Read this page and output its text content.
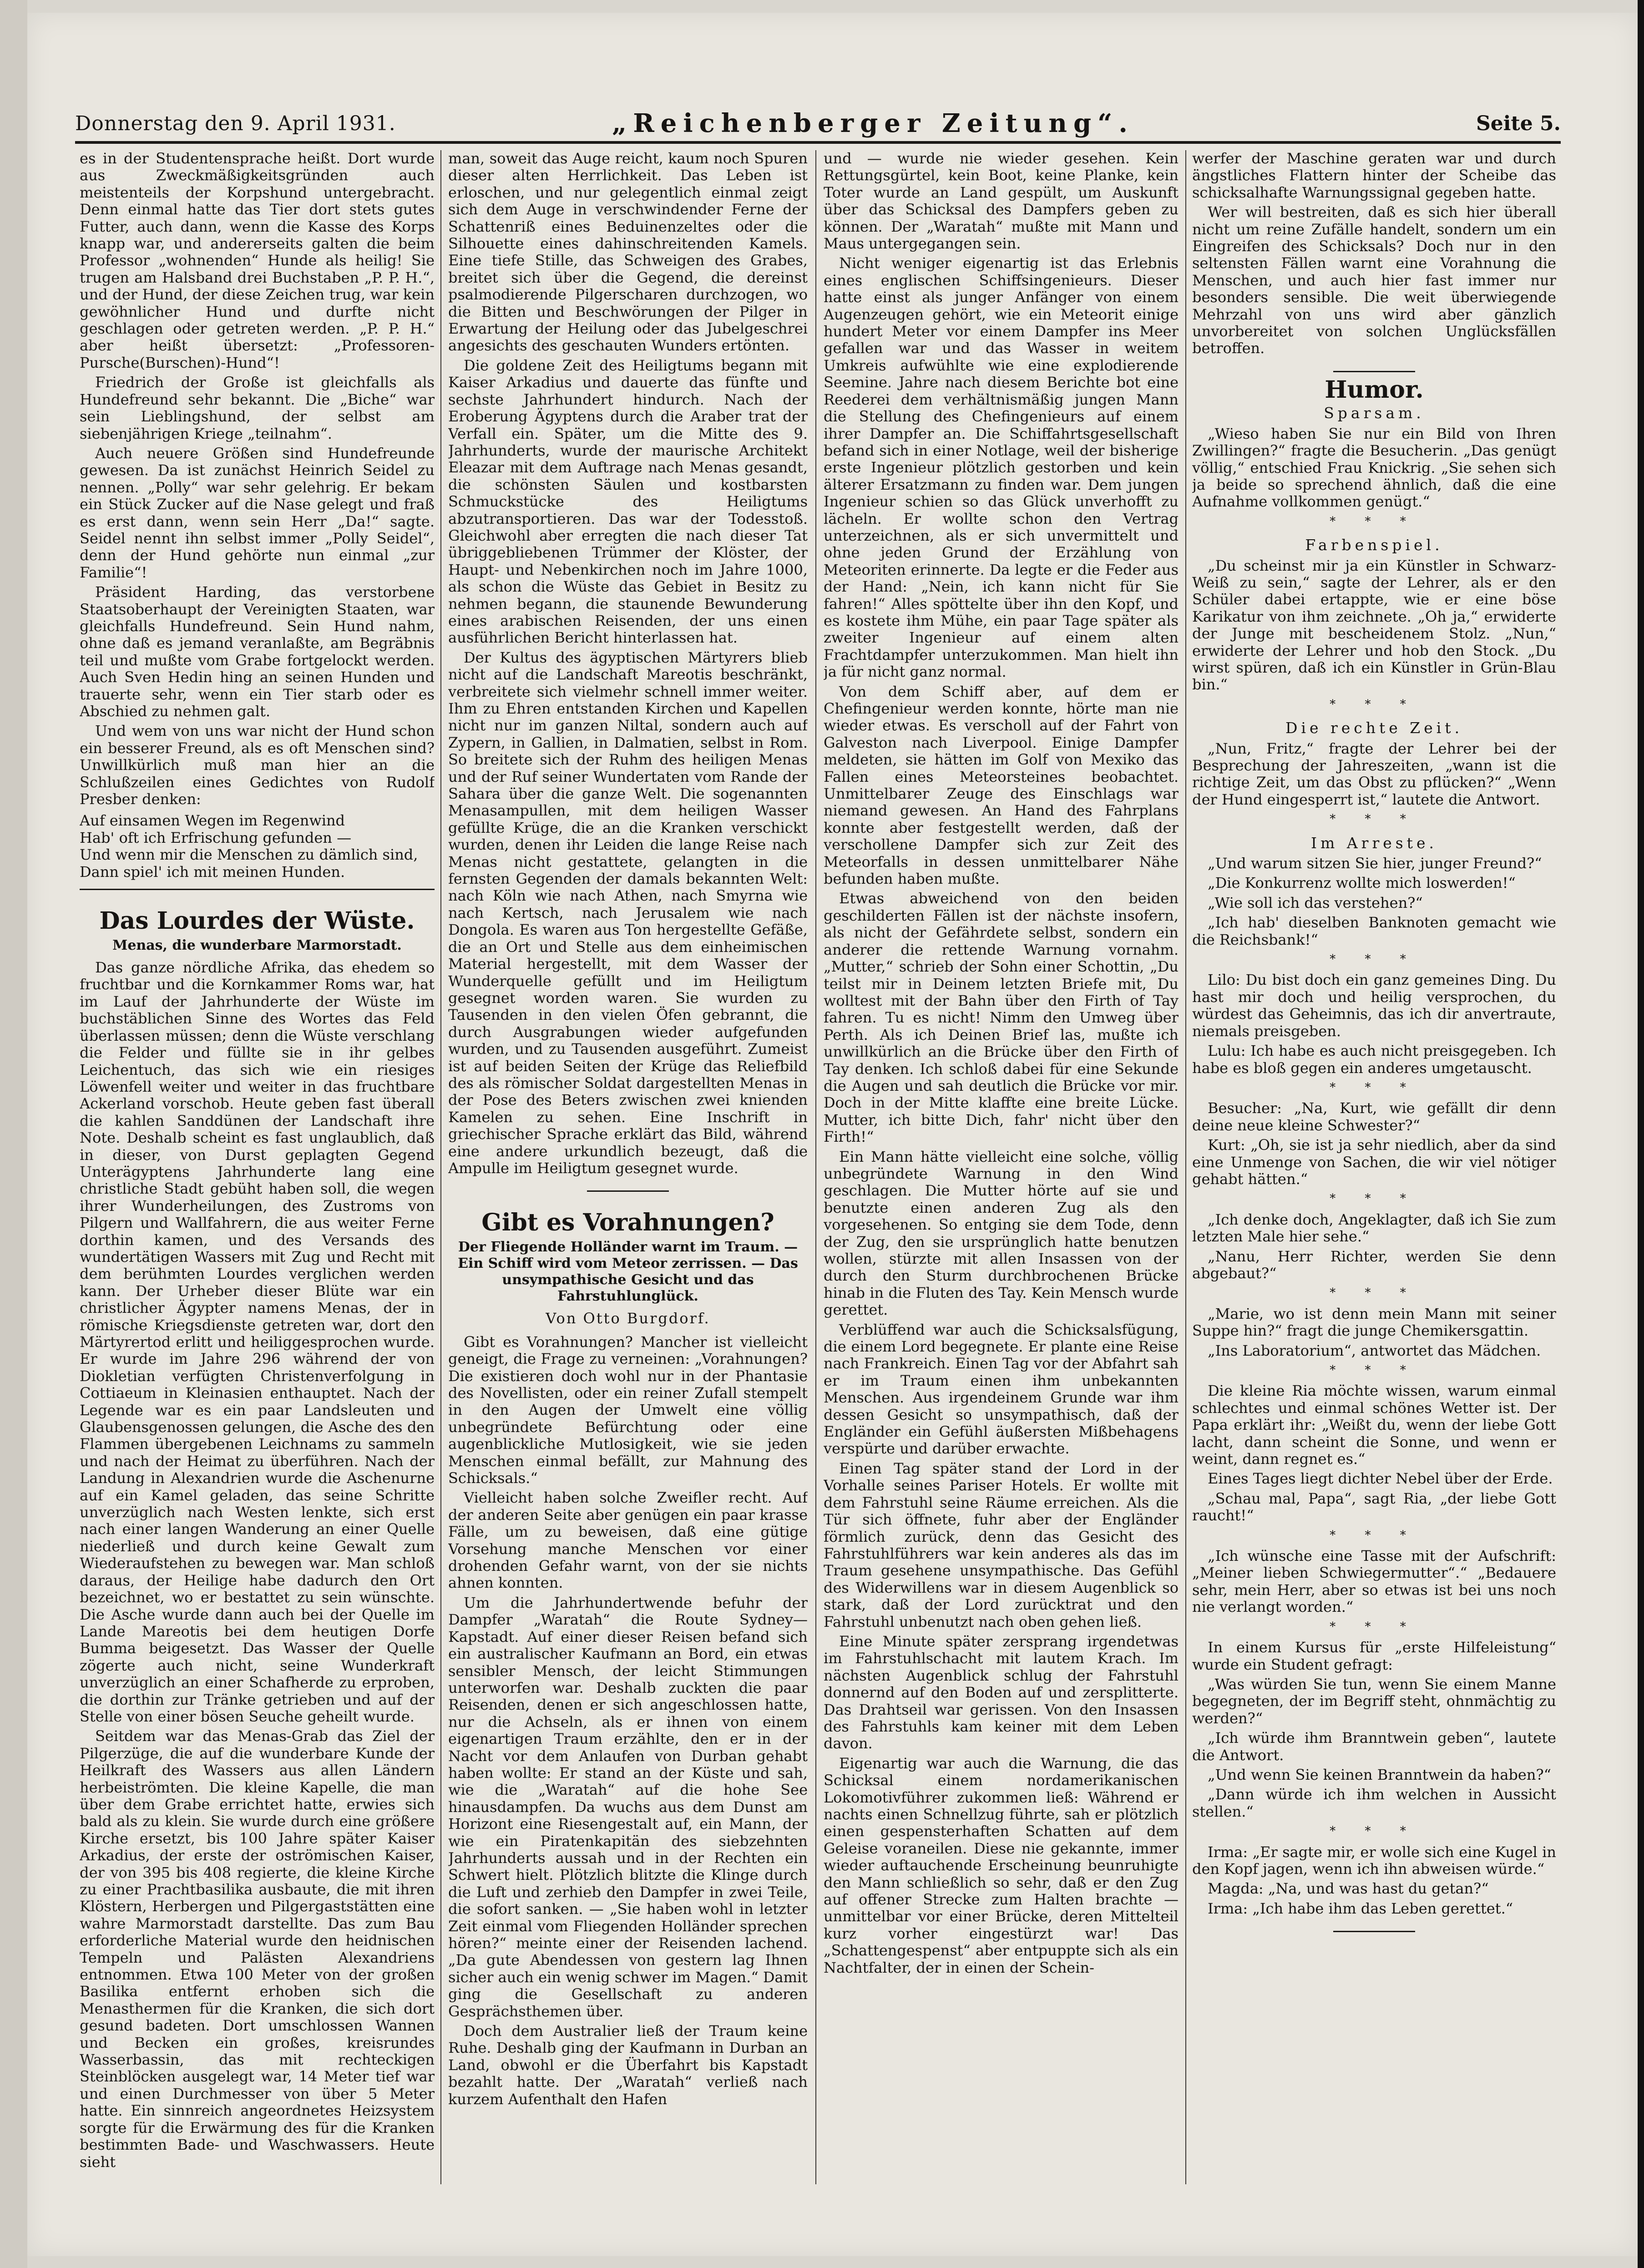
Donnerstag den 9. April 1931.	„Reichenberger Zeitung“.	Seite 5.

es in der Studentensprache heißt. Dort wurde aus Zweckmäßigkeitsgründen auch meistenteils der Korpshund untergebracht. Denn einmal hatte das Tier dort stets gutes Futter, auch dann, wenn die Kasse des Korps knapp war, und andererseits galten die beim Professor „wohnenden“ Hunde als heilig! Sie trugen am Halsband drei Buchstaben „P. P. H.“, und der Hund, der diese Zeichen trug, war kein gewöhnlicher Hund und durfte nicht geschlagen oder getreten werden. „P. P. H.“ aber heißt übersetzt: „Professoren-Pursche(Burschen)-Hund“!

Friedrich der Große ist gleichfalls als Hundefreund sehr bekannt. Die „Biche“ war sein Lieblingshund, der selbst am siebenjährigen Kriege „teilnahm“.

Auch neuere Größen sind Hundefreunde gewesen. Da ist zunächst Heinrich Seidel zu nennen. „Polly“ war sehr gelehrig. Er bekam ein Stück Zucker auf die Nase gelegt und fraß es erst dann, wenn sein Herr „Da!“ sagte. Seidel nennt ihn selbst immer „Polly Seidel“, denn der Hund gehörte nun einmal „zur Familie“!

Präsident Harding, das verstorbene Staatsoberhaupt der Vereinigten Staaten, war gleichfalls Hundefreund. Sein Hund nahm, ohne daß es jemand veranlaßte, am Begräbnis teil und mußte vom Grabe fortgelockt werden. Auch Sven Hedin hing an seinen Hunden und trauerte sehr, wenn ein Tier starb oder es Abschied zu nehmen galt.

Und wem von uns war nicht der Hund schon ein besserer Freund, als es oft Menschen sind? Unwillkürlich muß man hier an die Schlußzeilen eines Gedichtes von Rudolf Presber denken:

Auf einsamen Wegen im Regenwind
Hab' oft ich Erfrischung gefunden —
Und wenn mir die Menschen zu dämlich sind,
Dann spiel' ich mit meinen Hunden.
Das Lourdes der Wüste.
Menas, die wunderbare Marmorstadt.

Das ganze nördliche Afrika, das ehedem so fruchtbar und die Kornkammer Roms war, hat im Lauf der Jahrhunderte der Wüste im buchstäblichen Sinne des Wortes das Feld überlassen müssen; denn die Wüste verschlang die Felder und füllte sie in ihr gelbes Leichentuch, das sich wie ein riesiges Löwenfell weiter und weiter in das fruchtbare Ackerland vorschob. Heute geben fast überall die kahlen Sanddünen der Landschaft ihre Note. Deshalb scheint es fast unglaublich, daß in dieser, von Durst geplagten Gegend Unterägyptens Jahrhunderte lang eine christliche Stadt gebüht haben soll, die wegen ihrer Wunderheilungen, des Zustroms von Pilgern und Wallfahrern, die aus weiter Ferne dorthin kamen, und des Versands des wundertätigen Wassers mit Zug und Recht mit dem berühmten Lourdes verglichen werden kann. Der Urheber dieser Blüte war ein christlicher Ägypter namens Menas, der in römische Kriegsdienste getreten war, dort den Märtyrertod erlitt und heiliggesprochen wurde. Er wurde im Jahre 296 während der von Diokletian verfügten Christenverfolgung in Cottiaeum in Kleinasien enthauptet. Nach der Legende war es ein paar Landsleuten und Glaubensgenossen gelungen, die Asche des den Flammen übergebenen Leichnams zu sammeln und nach der Heimat zu überführen. Nach der Landung in Alexandrien wurde die Aschenurne auf ein Kamel geladen, das seine Schritte unverzüglich nach Westen lenkte, sich erst nach einer langen Wanderung an einer Quelle niederließ und durch keine Gewalt zum Wiederaufstehen zu bewegen war. Man schloß daraus, der Heilige habe dadurch den Ort bezeichnet, wo er bestattet zu sein wünschte. Die Asche wurde dann auch bei der Quelle im Lande Mareotis bei dem heutigen Dorfe Bumma beigesetzt. Das Wasser der Quelle zögerte auch nicht, seine Wunderkraft unverzüglich an einer Schafherde zu erproben, die dorthin zur Tränke getrieben und auf der Stelle von einer bösen Seuche geheilt wurde.

Seitdem war das Menas-Grab das Ziel der Pilgerzüge, die auf die wunderbare Kunde der Heilkraft des Wassers aus allen Ländern herbeiströmten. Die kleine Kapelle, die man über dem Grabe errichtet hatte, erwies sich bald als zu klein. Sie wurde durch eine größere Kirche ersetzt, bis 100 Jahre später Kaiser Arkadius, der erste der oströmischen Kaiser, der von 395 bis 408 regierte, die kleine Kirche zu einer Prachtbasilika ausbaute, die mit ihren Klöstern, Herbergen und Pilgergaststätten eine wahre Marmorstadt darstellte. Das zum Bau erforderliche Material wurde den heidnischen Tempeln und Palästen Alexandriens entnommen. Etwa 100 Meter von der großen Basilika entfernt erhoben sich die Menasthermen für die Kranken, die sich dort gesund badeten. Dort umschlossen Wannen und Becken ein großes, kreisrundes Wasserbassin, das mit rechteckigen Steinblöcken ausgelegt war, 14 Meter tief war und einen Durchmesser von über 5 Meter hatte. Ein sinnreich angeordnetes Heizsystem sorgte für die Erwärmung des für die Kranken bestimmten Bade- und Waschwassers. Heute sieht

man, soweit das Auge reicht, kaum noch Spuren dieser alten Herrlichkeit. Das Leben ist erloschen, und nur gelegentlich einmal zeigt sich dem Auge in verschwindender Ferne der Schattenriß eines Beduinenzeltes oder die Silhouette eines dahinschreitenden Kamels. Eine tiefe Stille, das Schweigen des Grabes, breitet sich über die Gegend, die dereinst psalmodierende Pilgerscharen durchzogen, wo die Bitten und Beschwörungen der Pilger in Erwartung der Heilung oder das Jubelgeschrei angesichts des geschauten Wunders ertönten.

Die goldene Zeit des Heiligtums begann mit Kaiser Arkadius und dauerte das fünfte und sechste Jahrhundert hindurch. Nach der Eroberung Ägyptens durch die Araber trat der Verfall ein. Später, um die Mitte des 9. Jahrhunderts, wurde der maurische Architekt Eleazar mit dem Auftrage nach Menas gesandt, die schönsten Säulen und kostbarsten Schmuckstücke des Heiligtums abzutransportieren. Das war der Todesstoß. Gleichwohl aber erregten die nach dieser Tat übriggebliebenen Trümmer der Klöster, der Haupt- und Nebenkirchen noch im Jahre 1000, als schon die Wüste das Gebiet in Besitz zu nehmen begann, die staunende Bewunderung eines arabischen Reisenden, der uns einen ausführlichen Bericht hinterlassen hat.

Der Kultus des ägyptischen Märtyrers blieb nicht auf die Landschaft Mareotis beschränkt, verbreitete sich vielmehr schnell immer weiter. Ihm zu Ehren entstanden Kirchen und Kapellen nicht nur im ganzen Niltal, sondern auch auf Zypern, in Gallien, in Dalmatien, selbst in Rom. So breitete sich der Ruhm des heiligen Menas und der Ruf seiner Wundertaten vom Rande der Sahara über die ganze Welt. Die sogenannten Menasampullen, mit dem heiligen Wasser gefüllte Krüge, die an die Kranken verschickt wurden, denen ihr Leiden die lange Reise nach Menas nicht gestattete, gelangten in die fernsten Gegenden der damals bekannten Welt: nach Köln wie nach Athen, nach Smyrna wie nach Kertsch, nach Jerusalem wie nach Dongola. Es waren aus Ton hergestellte Gefäße, die an Ort und Stelle aus dem einheimischen Material hergestellt, mit dem Wasser der Wunderquelle gefüllt und im Heiligtum gesegnet worden waren. Sie wurden zu Tausenden in den vielen Öfen gebrannt, die durch Ausgrabungen wieder aufgefunden wurden, und zu Tausenden ausgeführt. Zumeist ist auf beiden Seiten der Krüge das Reliefbild des als römischer Soldat dargestellten Menas in der Pose des Beters zwischen zwei knienden Kamelen zu sehen. Eine Inschrift in griechischer Sprache erklärt das Bild, während eine andere urkundlich bezeugt, daß die Ampulle im Heiligtum gesegnet wurde.

Gibt es Vorahnungen?
Der Fliegende Holländer warnt im Traum. — Ein Schiff wird vom Meteor zerrissen. — Das unsympathische Gesicht und das Fahrstuhlunglück.
Von Otto Burgdorf.

Gibt es Vorahnungen? Mancher ist vielleicht geneigt, die Frage zu verneinen: „Vorahnungen? Die existieren doch wohl nur in der Phantasie des Novellisten, oder ein reiner Zufall stempelt in den Augen der Umwelt eine völlig unbegründete Befürchtung oder eine augenblickliche Mutlosigkeit, wie sie jeden Menschen einmal befällt, zur Mahnung des Schicksals.“

Vielleicht haben solche Zweifler recht. Auf der anderen Seite aber genügen ein paar krasse Fälle, um zu beweisen, daß eine gütige Vorsehung manche Menschen vor einer drohenden Gefahr warnt, von der sie nichts ahnen konnten.

Um die Jahrhundertwende befuhr der Dampfer „Waratah“ die Route Sydney—Kapstadt. Auf einer dieser Reisen befand sich ein australischer Kaufmann an Bord, ein etwas sensibler Mensch, der leicht Stimmungen unterworfen war. Deshalb zuckten die paar Reisenden, denen er sich angeschlossen hatte, nur die Achseln, als er ihnen von einem eigenartigen Traum erzählte, den er in der Nacht vor dem Anlaufen von Durban gehabt haben wollte: Er stand an der Küste und sah, wie die „Waratah“ auf die hohe See hinausdampfen. Da wuchs aus dem Dunst am Horizont eine Riesengestalt auf, ein Mann, der wie ein Piratenkapitän des siebzehnten Jahrhunderts aussah und in der Rechten ein Schwert hielt. Plötzlich blitzte die Klinge durch die Luft und zerhieb den Dampfer in zwei Teile, die sofort sanken. — „Sie haben wohl in letzter Zeit einmal vom Fliegenden Holländer sprechen hören?“ meinte einer der Reisenden lachend. „Da gute Abendessen von gestern lag Ihnen sicher auch ein wenig schwer im Magen.“ Damit ging die Gesellschaft zu anderen Gesprächsthemen über.

Doch dem Australier ließ der Traum keine Ruhe. Deshalb ging der Kaufmann in Durban an Land, obwohl er die Überfahrt bis Kapstadt bezahlt hatte. Der „Waratah“ verließ nach kurzem Aufenthalt den Hafen

und — wurde nie wieder gesehen. Kein Rettungsgürtel, kein Boot, keine Planke, kein Toter wurde an Land gespült, um Auskunft über das Schicksal des Dampfers geben zu können. Der „Waratah“ mußte mit Mann und Maus untergegangen sein.

Nicht weniger eigenartig ist das Erlebnis eines englischen Schiffsingenieurs. Dieser hatte einst als junger Anfänger von einem Augenzeugen gehört, wie ein Meteorit einige hundert Meter vor einem Dampfer ins Meer gefallen war und das Wasser in weitem Umkreis aufwühlte wie eine explodierende Seemine. Jahre nach diesem Berichte bot eine Reederei dem verhältnismäßig jungen Mann die Stellung des Chefingenieurs auf einem ihrer Dampfer an. Die Schiffahrtsgesellschaft befand sich in einer Notlage, weil der bisherige erste Ingenieur plötzlich gestorben und kein älterer Ersatzmann zu finden war. Dem jungen Ingenieur schien so das Glück unverhofft zu lächeln. Er wollte schon den Vertrag unterzeichnen, als er sich unvermittelt und ohne jeden Grund der Erzählung von Meteoriten erinnerte. Da legte er die Feder aus der Hand: „Nein, ich kann nicht für Sie fahren!“ Alles spöttelte über ihn den Kopf, und es kostete ihm Mühe, ein paar Tage später als zweiter Ingenieur auf einem alten Frachtdampfer unterzukommen. Man hielt ihn ja für nicht ganz normal.

Von dem Schiff aber, auf dem er Chefingenieur werden konnte, hörte man nie wieder etwas. Es verscholl auf der Fahrt von Galveston nach Liverpool. Einige Dampfer meldeten, sie hätten im Golf von Mexiko das Fallen eines Meteorsteines beobachtet. Unmittelbarer Zeuge des Einschlags war niemand gewesen. An Hand des Fahrplans konnte aber festgestellt werden, daß der verschollene Dampfer sich zur Zeit des Meteorfalls in dessen unmittelbarer Nähe befunden haben mußte.

Etwas abweichend von den beiden geschilderten Fällen ist der nächste insofern, als nicht der Gefährdete selbst, sondern ein anderer die rettende Warnung vornahm. „Mutter,“ schrieb der Sohn einer Schottin, „Du teilst mir in Deinem letzten Briefe mit, Du wolltest mit der Bahn über den Firth of Tay fahren. Tu es nicht! Nimm den Umweg über Perth. Als ich Deinen Brief las, mußte ich unwillkürlich an die Brücke über den Firth of Tay denken. Ich schloß dabei für eine Sekunde die Augen und sah deutlich die Brücke vor mir. Doch in der Mitte klaffte eine breite Lücke. Mutter, ich bitte Dich, fahr' nicht über den Firth!“

Ein Mann hätte vielleicht eine solche, völlig unbegründete Warnung in den Wind geschlagen. Die Mutter hörte auf sie und benutzte einen anderen Zug als den vorgesehenen. So entging sie dem Tode, denn der Zug, den sie ursprünglich hatte benutzen wollen, stürzte mit allen Insassen von der durch den Sturm durchbrochenen Brücke hinab in die Fluten des Tay. Kein Mensch wurde gerettet.

Verblüffend war auch die Schicksalsfügung, die einem Lord begegnete. Er plante eine Reise nach Frankreich. Einen Tag vor der Abfahrt sah er im Traum einen ihm unbekannten Menschen. Aus irgendeinem Grunde war ihm dessen Gesicht so unsympathisch, daß der Engländer ein Gefühl äußersten Mißbehagens verspürte und darüber erwachte.

Einen Tag später stand der Lord in der Vorhalle seines Pariser Hotels. Er wollte mit dem Fahrstuhl seine Räume erreichen. Als die Tür sich öffnete, fuhr aber der Engländer förmlich zurück, denn das Gesicht des Fahrstuhlführers war kein anderes als das im Traum gesehene unsympathische. Das Gefühl des Widerwillens war in diesem Augenblick so stark, daß der Lord zurücktrat und den Fahrstuhl unbenutzt nach oben gehen ließ.

Eine Minute später zersprang irgendetwas im Fahrstuhlschacht mit lautem Krach. Im nächsten Augenblick schlug der Fahrstuhl donnernd auf den Boden auf und zersplitterte. Das Drahtseil war gerissen. Von den Insassen des Fahrstuhls kam keiner mit dem Leben davon.

Eigenartig war auch die Warnung, die das Schicksal einem nordamerikanischen Lokomotivführer zukommen ließ: Während er nachts einen Schnellzug führte, sah er plötzlich einen gespensterhaften Schatten auf dem Geleise voraneilen. Diese nie gekannte, immer wieder auftauchende Erscheinung beunruhigte den Mann schließlich so sehr, daß er den Zug auf offener Strecke zum Halten brachte — unmittelbar vor einer Brücke, deren Mittelteil kurz vorher eingestürzt war! Das „Schattengespenst“ aber entpuppte sich als ein Nachtfalter, der in einen der Schein-

werfer der Maschine geraten war und durch ängstliches Flattern hinter der Scheibe das schicksalhafte Warnungssignal gegeben hatte.

Wer will bestreiten, daß es sich hier überall nicht um reine Zufälle handelt, sondern um ein Eingreifen des Schicksals? Doch nur in den seltensten Fällen warnt eine Vorahnung die Menschen, und auch hier fast immer nur besonders sensible. Die weit überwiegende Mehrzahl von uns wird aber gänzlich unvorbereitet von solchen Unglücksfällen betroffen.

Humor.
Sparsam.

„Wieso haben Sie nur ein Bild von Ihren Zwillingen?“ fragte die Besucherin. „Das genügt völlig,“ entschied Frau Knickrig. „Sie sehen sich ja beide so sprechend ähnlich, daß die eine Aufnahme vollkommen genügt.“

* * *
Farbenspiel.

„Du scheinst mir ja ein Künstler in Schwarz-Weiß zu sein,“ sagte der Lehrer, als er den Schüler dabei ertappte, wie er eine böse Karikatur von ihm zeichnete. „Oh ja,“ erwiderte der Junge mit bescheidenem Stolz. „Nun,“ erwiderte der Lehrer und hob den Stock. „Du wirst spüren, daß ich ein Künstler in Grün-Blau bin.“

* * *
Die rechte Zeit.

„Nun, Fritz,“ fragte der Lehrer bei der Besprechung der Jahreszeiten, „wann ist die richtige Zeit, um das Obst zu pflücken?“ „Wenn der Hund eingesperrt ist,“ lautete die Antwort.

* * *
Im Arreste.

„Und warum sitzen Sie hier, junger Freund?“

„Die Konkurrenz wollte mich loswerden!“

„Wie soll ich das verstehen?“

„Ich hab' dieselben Banknoten gemacht wie die Reichsbank!“

* * *

Lilo: Du bist doch ein ganz gemeines Ding. Du hast mir doch und heilig versprochen, du würdest das Geheimnis, das ich dir anvertraute, niemals preisgeben.

Lulu: Ich habe es auch nicht preisgegeben. Ich habe es bloß gegen ein anderes umgetauscht.

* * *

Besucher: „Na, Kurt, wie gefällt dir denn deine neue kleine Schwester?“

Kurt: „Oh, sie ist ja sehr niedlich, aber da sind eine Unmenge von Sachen, die wir viel nötiger gehabt hätten.“

* * *

„Ich denke doch, Angeklagter, daß ich Sie zum letzten Male hier sehe.“

„Nanu, Herr Richter, werden Sie denn abgebaut?“

* * *

„Marie, wo ist denn mein Mann mit seiner Suppe hin?“ fragt die junge Chemikersgattin.

„Ins Laboratorium“, antwortet das Mädchen.

* * *

Die kleine Ria möchte wissen, warum einmal schlechtes und einmal schönes Wetter ist. Der Papa erklärt ihr: „Weißt du, wenn der liebe Gott lacht, dann scheint die Sonne, und wenn er weint, dann regnet es.“

Eines Tages liegt dichter Nebel über der Erde.

„Schau mal, Papa“, sagt Ria, „der liebe Gott raucht!“

* * *

„Ich wünsche eine Tasse mit der Aufschrift: „Meiner lieben Schwiegermutter“.“ „Bedauere sehr, mein Herr, aber so etwas ist bei uns noch nie verlangt worden.“

* * *

In einem Kursus für „erste Hilfeleistung“ wurde ein Student gefragt:

„Was würden Sie tun, wenn Sie einem Manne begegneten, der im Begriff steht, ohnmächtig zu werden?“

„Ich würde ihm Branntwein geben“, lautete die Antwort.

„Und wenn Sie keinen Branntwein da haben?“

„Dann würde ich ihm welchen in Aussicht stellen.“

* * *

Irma: „Er sagte mir, er wolle sich eine Kugel in den Kopf jagen, wenn ich ihn abweisen würde.“

Magda: „Na, und was hast du getan?“

Irma: „Ich habe ihm das Leben gerettet.“
